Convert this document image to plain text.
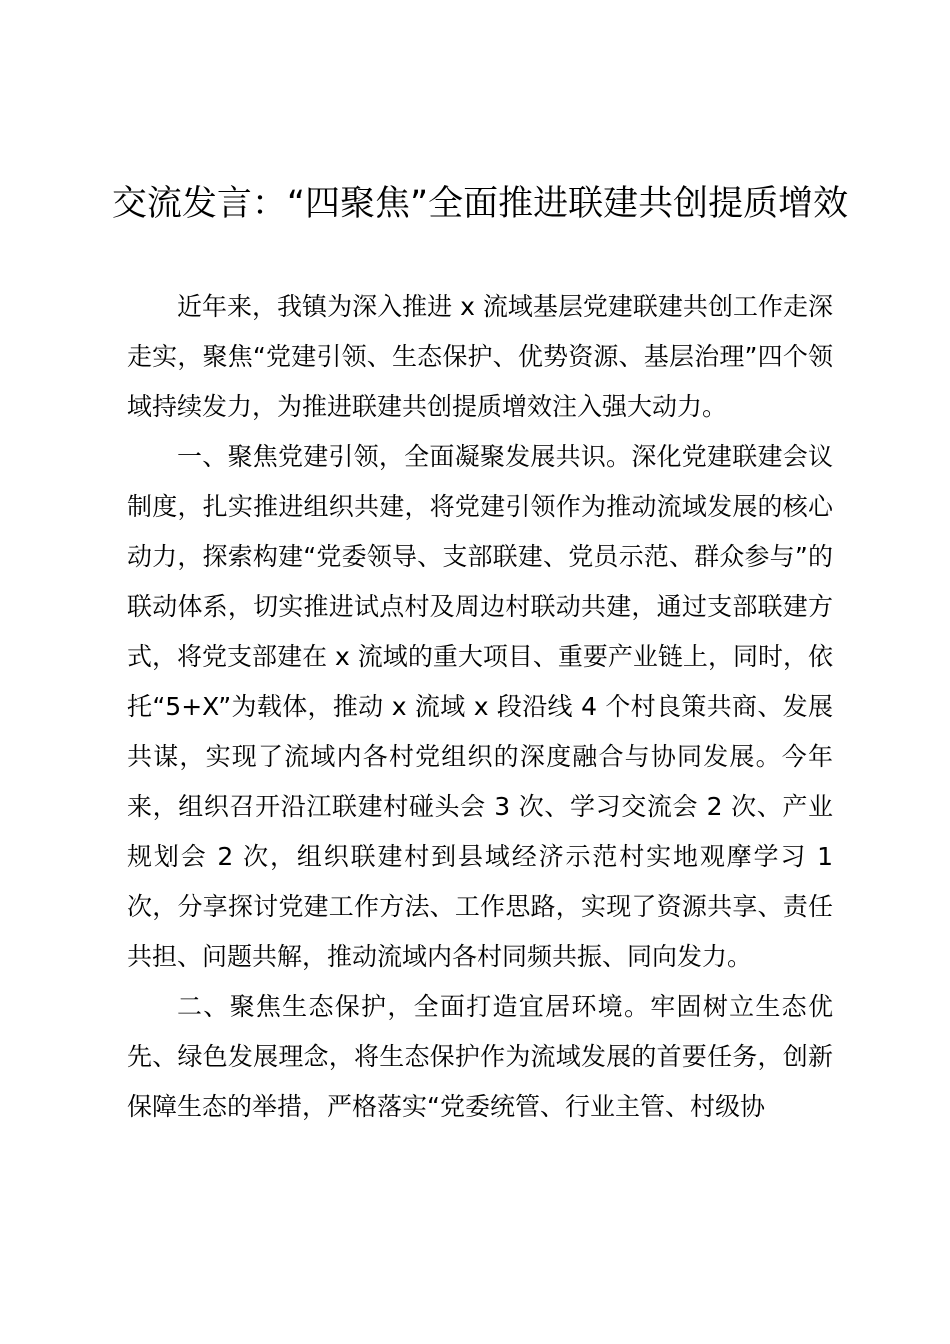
交流发言：“四聚焦”全面推进联建共创提质增效

近年来，我镇为深入推进 x 流域基层党建联建共创工作走深走实，聚焦“党建引领、生态保护、优势资源、基层治理”四个领域持续发力，为推进联建共创提质增效注入强大动力。

一、聚焦党建引领，全面凝聚发展共识。深化党建联建会议制度，扎实推进组织共建，将党建引领作为推动流域发展的核心动力，探索构建“党委领导、支部联建、党员示范、群众参与”的联动体系，切实推进试点村及周边村联动共建，通过支部联建方式，将党支部建在 x 流域的重大项目、重要产业链上，同时，依托“5+X”为载体，推动 x 流域 x 段沿线 4 个村良策共商、发展共谋，实现了流域内各村党组织的深度融合与协同发展。今年来，组织召开沿江联建村碰头会 3 次、学习交流会 2 次、产业规划会 2 次，组织联建村到县域经济示范村实地观摩学习 1 次，分享探讨党建工作方法、工作思路，实现了资源共享、责任共担、问题共解，推动流域内各村同频共振、同向发力。

二、聚焦生态保护，全面打造宜居环境。牢固树立生态优先、绿色发展理念，将生态保护作为流域发展的首要任务，创新保障生态的举措，严格落实“党委统管、行业主管、村级协
